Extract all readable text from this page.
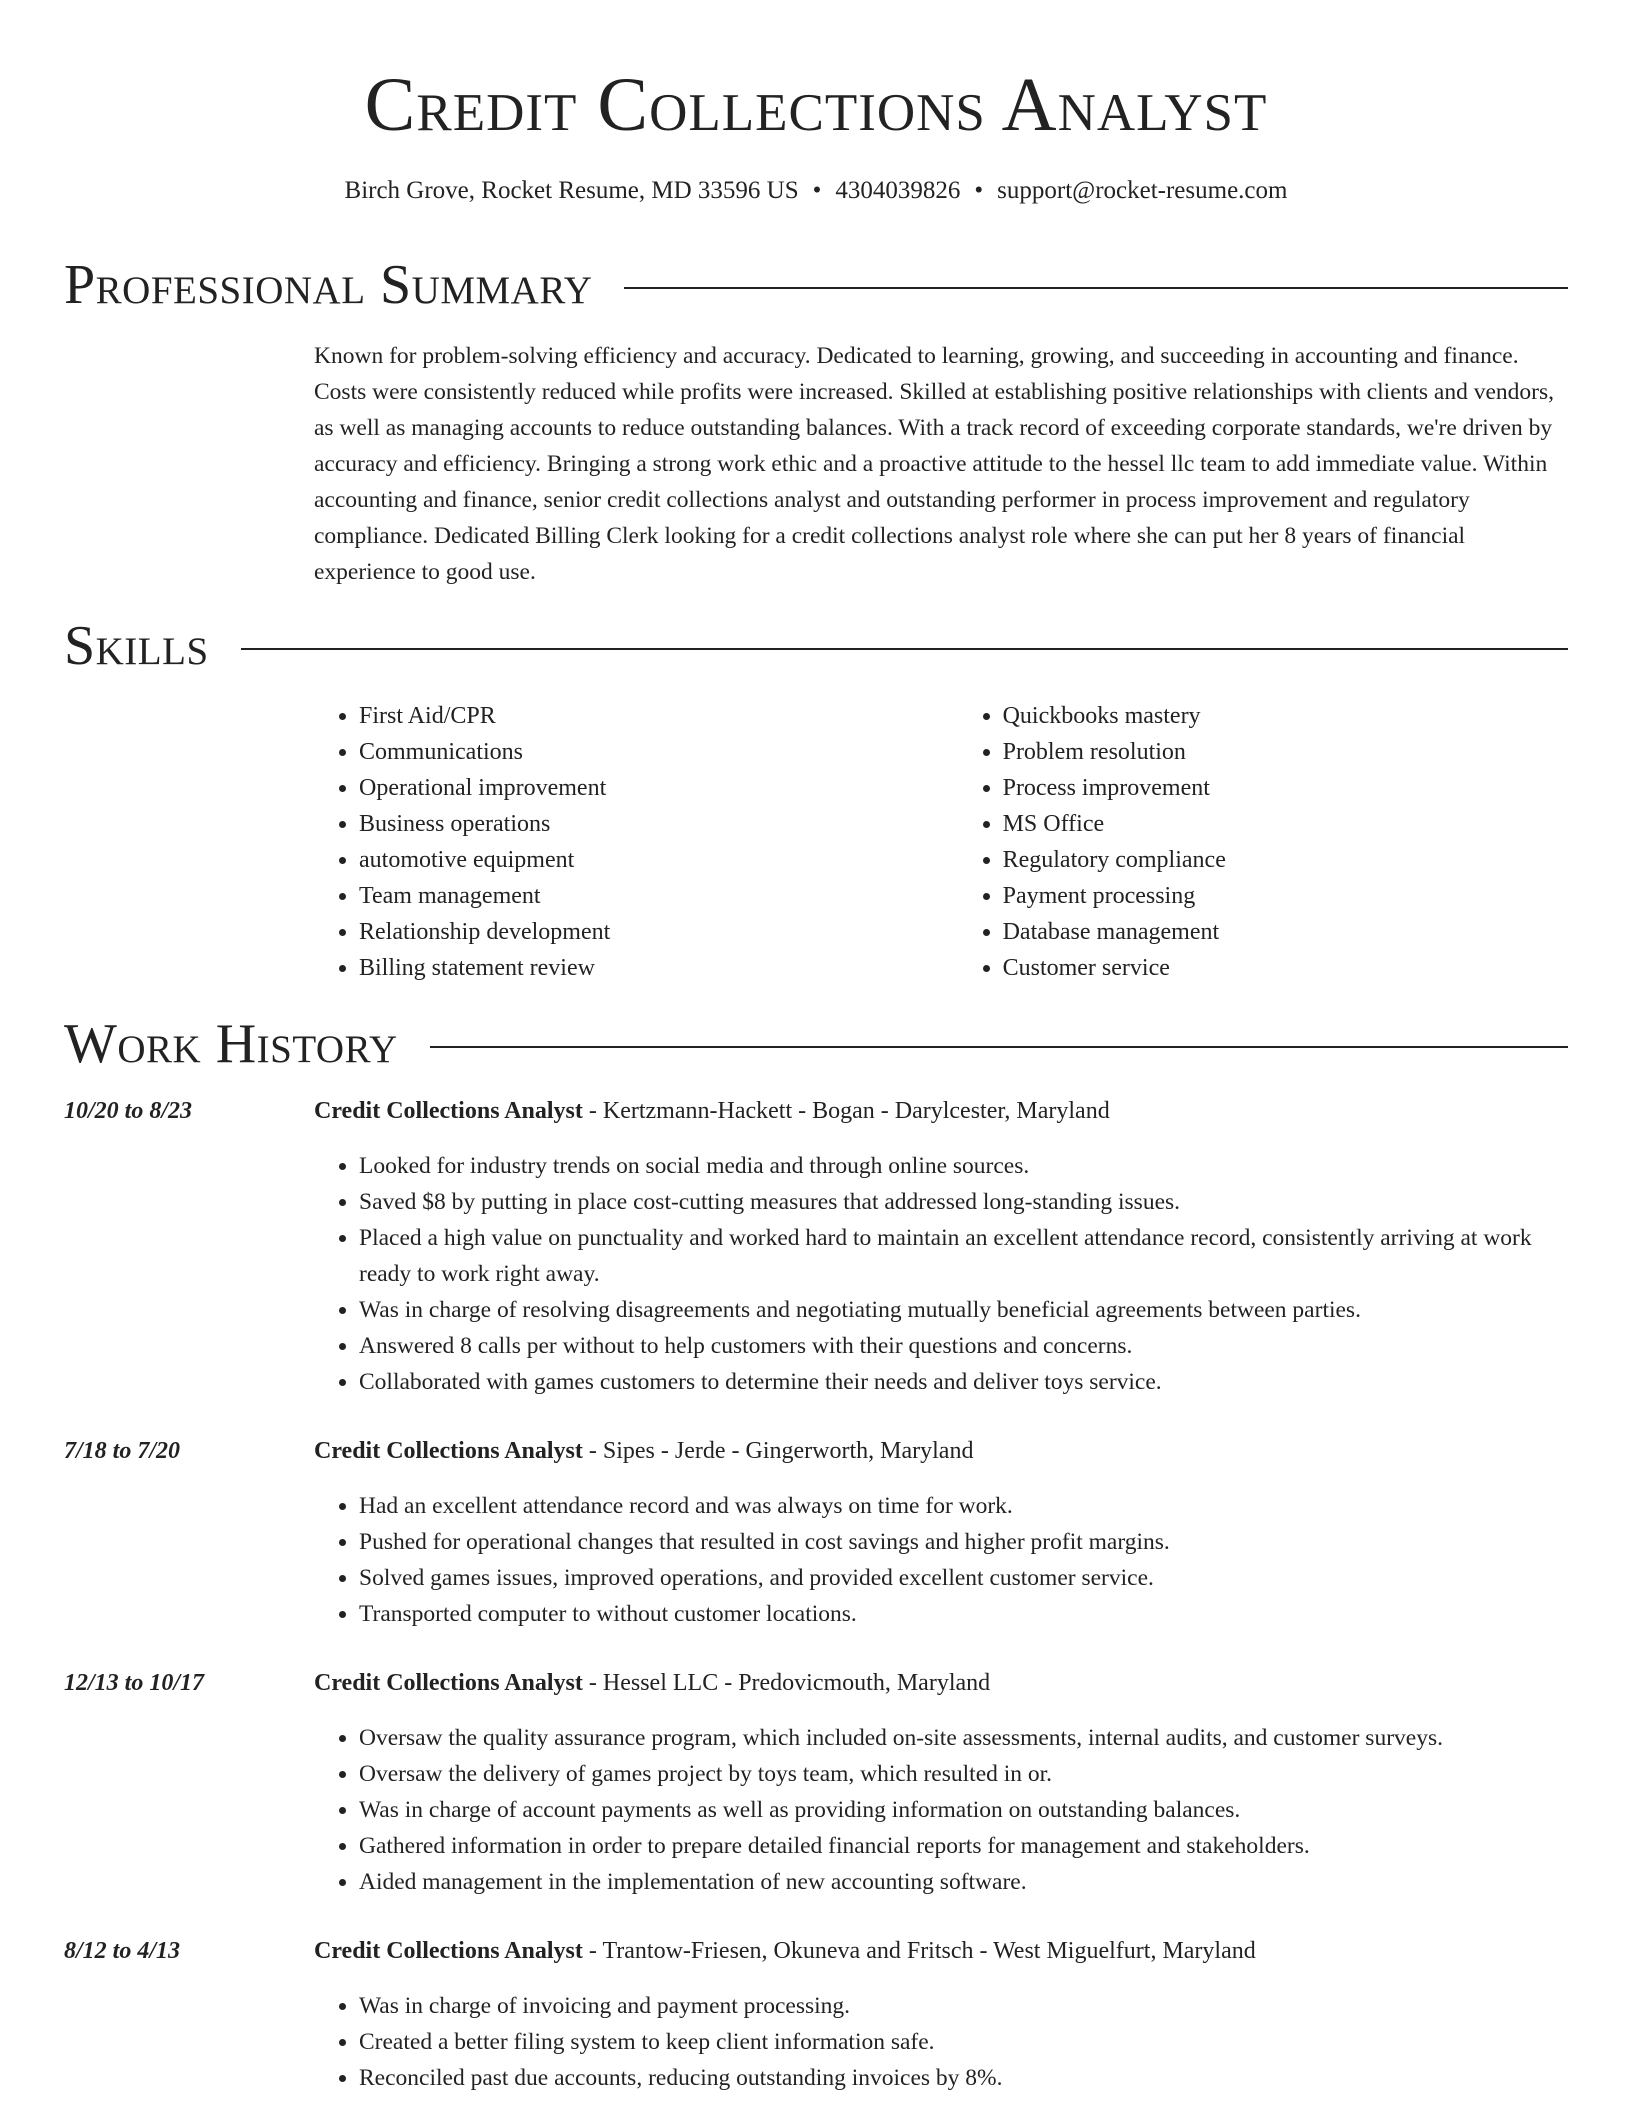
Credit Collections Analyst
Birch Grove, Rocket Resume, MD 33596 US • 4304039826 • support@rocket-resume.com
Professional Summary

Known for problem-solving efficiency and accuracy. Dedicated to learning, growing, and succeeding in accounting and finance. Costs were consistently reduced while profits were increased. Skilled at establishing positive relationships with clients and vendors, as well as managing accounts to reduce outstanding balances. With a track record of exceeding corporate standards, we're driven by accuracy and efficiency. Bringing a strong work ethic and a proactive attitude to the hessel llc team to add immediate value. Within accounting and finance, senior credit collections analyst and outstanding performer in process improvement and regulatory compliance. Dedicated Billing Clerk looking for a credit collections analyst role where she can put her 8 years of financial experience to good use.

Skills
• First Aid/CPR
• Communications
• Operational improvement
• Business operations
• automotive equipment
• Team management
• Relationship development
• Billing statement review
• Quickbooks mastery
• Problem resolution
• Process improvement
• MS Office
• Regulatory compliance
• Payment processing
• Database management
• Customer service
Work History
10/20 to 8/23	Credit Collections Analyst - Kertzmann-Hackett - Bogan - Darylcester, Maryland
• Looked for industry trends on social media and through online sources.
• Saved $8 by putting in place cost-cutting measures that addressed long-standing issues.
• Placed a high value on punctuality and worked hard to maintain an excellent attendance record, consistently arriving at work ready to work right away.
• Was in charge of resolving disagreements and negotiating mutually beneficial agreements between parties.
• Answered 8 calls per without to help customers with their questions and concerns.
• Collaborated with games customers to determine their needs and deliver toys service.
7/18 to 7/20	Credit Collections Analyst - Sipes - Jerde - Gingerworth, Maryland
• Had an excellent attendance record and was always on time for work.
• Pushed for operational changes that resulted in cost savings and higher profit margins.
• Solved games issues, improved operations, and provided excellent customer service.
• Transported computer to without customer locations.
12/13 to 10/17	Credit Collections Analyst - Hessel LLC - Predovicmouth, Maryland
• Oversaw the quality assurance program, which included on-site assessments, internal audits, and customer surveys.
• Oversaw the delivery of games project by toys team, which resulted in or.
• Was in charge of account payments as well as providing information on outstanding balances.
• Gathered information in order to prepare detailed financial reports for management and stakeholders.
• Aided management in the implementation of new accounting software.
8/12 to 4/13	Credit Collections Analyst - Trantow-Friesen, Okuneva and Fritsch - West Miguelfurt, Maryland
• Was in charge of invoicing and payment processing.
• Created a better filing system to keep client information safe.
• Reconciled past due accounts, reducing outstanding invoices by 8%.
